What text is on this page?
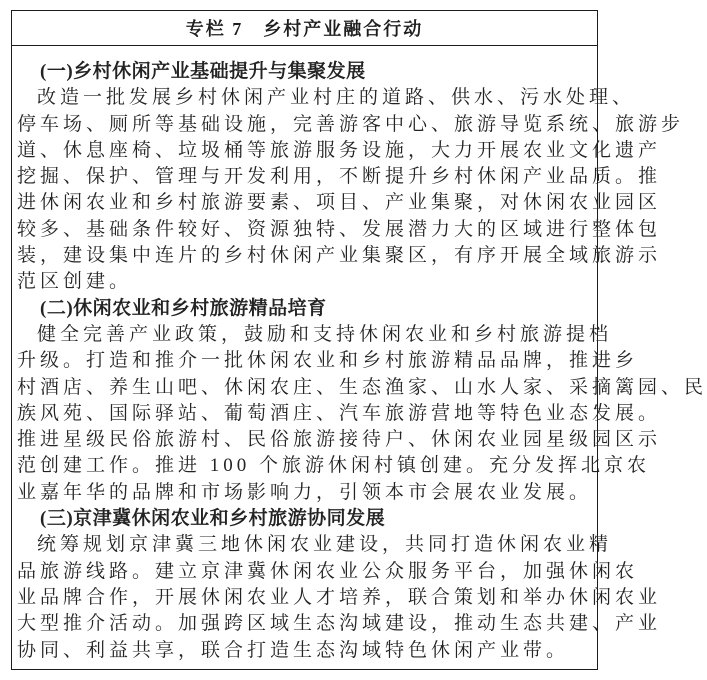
专栏 7　乡村产业融合行动
(一)乡村休闲产业基础提升与集聚发展
改造一批发展乡村休闲产业村庄的道路、供水、污水处理、
停车场、厕所等基础设施，完善游客中心、旅游导览系统、旅游步
道、休息座椅、垃圾桶等旅游服务设施，大力开展农业文化遗产
挖掘、保护、管理与开发利用，不断提升乡村休闲产业品质。推
进休闲农业和乡村旅游要素、项目、产业集聚，对休闲农业园区
较多、基础条件较好、资源独特、发展潜力大的区域进行整体包
装，建设集中连片的乡村休闲产业集聚区，有序开展全域旅游示
范区创建。
(二)休闲农业和乡村旅游精品培育
健全完善产业政策，鼓励和支持休闲农业和乡村旅游提档
升级。打造和推介一批休闲农业和乡村旅游精品品牌，推进乡
村酒店、养生山吧、休闲农庄、生态渔家、山水人家、采摘篱园、民
族风苑、国际驿站、葡萄酒庄、汽车旅游营地等特色业态发展。
推进星级民俗旅游村、民俗旅游接待户、休闲农业园星级园区示
范创建工作。推进 100 个旅游休闲村镇创建。充分发挥北京农
业嘉年华的品牌和市场影响力，引领本市会展农业发展。
(三)京津冀休闲农业和乡村旅游协同发展
统筹规划京津冀三地休闲农业建设，共同打造休闲农业精
品旅游线路。建立京津冀休闲农业公众服务平台，加强休闲农
业品牌合作，开展休闲农业人才培养，联合策划和举办休闲农业
大型推介活动。加强跨区域生态沟域建设，推动生态共建、产业
协同、利益共享，联合打造生态沟域特色休闲产业带。
